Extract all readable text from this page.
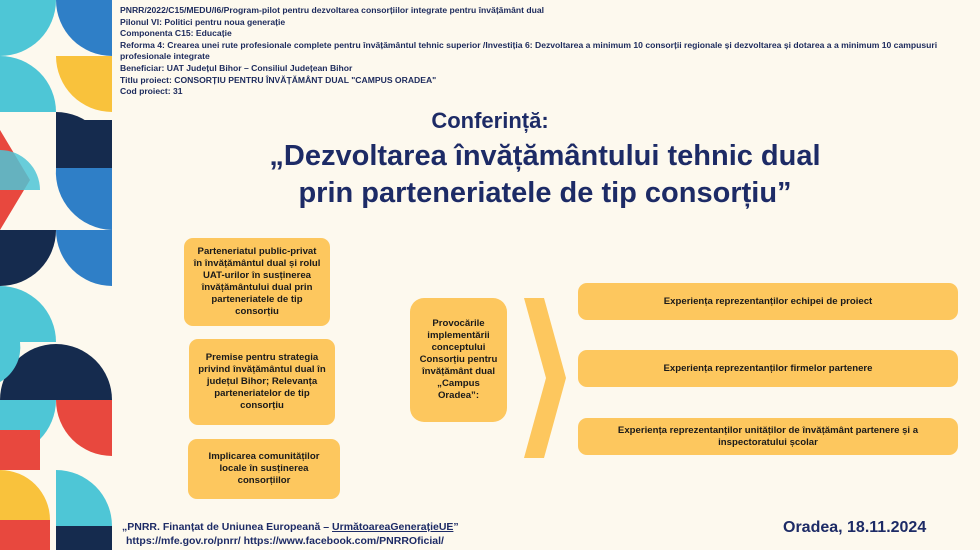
PNRR/2022/C15/MEDU/I6/Program-pilot pentru dezvoltarea consorțiilor integrate pentru învățământ dual
Pilonul VI: Politici pentru noua generație
Componenta C15: Educație
Reforma 4: Crearea unei rute profesionale complete pentru învățământul tehnic superior /Investiția 6: Dezvoltarea a minimum 10 consorții regionale și dezvoltarea și dotarea a a minimum 10 campusuri profesionale integrate
Beneficiar: UAT Județul Bihor – Consiliul Județean Bihor
Titlu proiect: CONSORȚIU PENTRU ÎNVĂȚĂMÂNT DUAL "CAMPUS ORADEA"
Cod proiect: 31
Conferință:
„Dezvoltarea învățământului tehnic dual
prin parteneriatele de tip consorțiu”
Parteneriatul public-privat în învățământul dual și rolul UAT-urilor în susținerea învățământului dual prin parteneriatele de tip consorțiu
Premise pentru strategia privind învățământul dual în județul Bihor; Relevanța parteneriatelor de tip consorțiu
Implicarea comunităților locale în susținerea consorțiilor
Provocările implementării conceptului Consorțiu pentru învățământ dual „Campus Oradea”:
Experiența reprezentanților echipei de proiect
Experiența reprezentanților firmelor partenere
Experiența reprezentanților unităților de învățământ partenere și a inspectoratului școlar
„PNRR. Finanțat de Uniunea Europeană – UrmătoareaGenerațieUE”
https://mfe.gov.ro/pnrr/ https://www.facebook.com/PNRROficial/
Oradea, 18.11.2024
